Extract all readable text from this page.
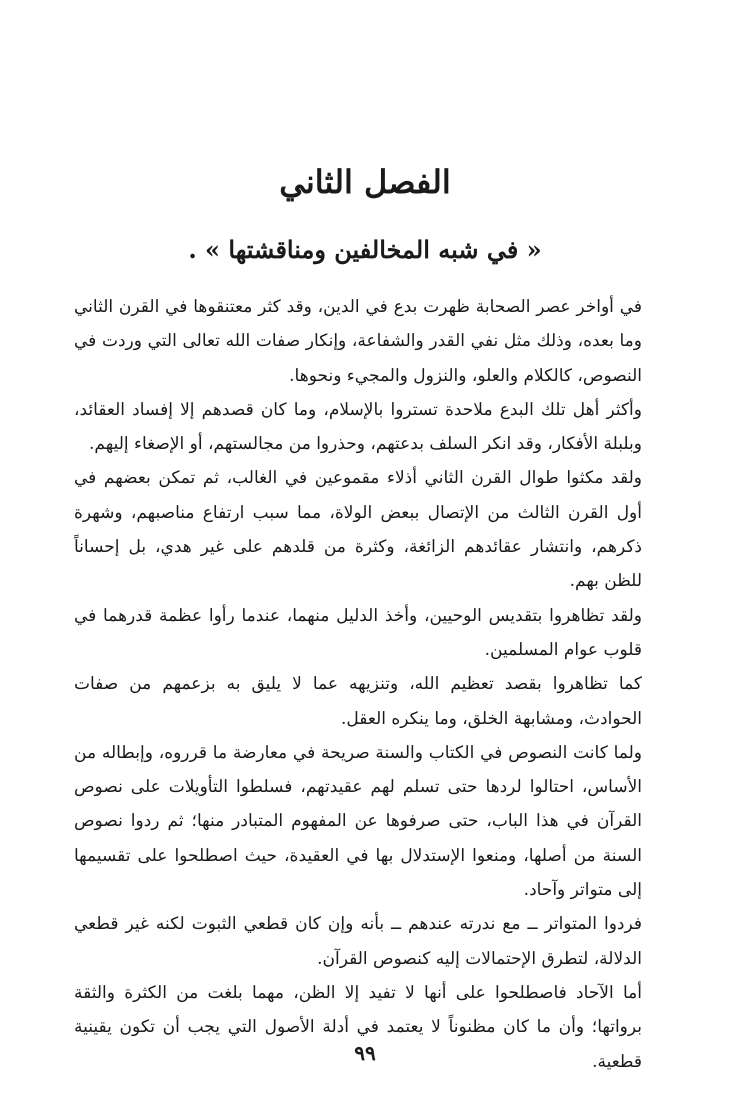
الفصل الثاني
« في شبه المخالفين ومناقشتها » .

في أواخر عصر الصحابة ظهرت بدع في الدين، وقد كثر معتنقوها في القرن الثاني وما بعده، وذلك مثل نفي القدر والشفاعة، وإنكار صفات الله تعالى التي وردت في النصوص، كالكلام والعلو، والنزول والمجيء ونحوها.

وأكثر أهل تلك البدع ملاحدة تستروا بالإسلام، وما كان قصدهم إلا إفساد العقائد، وبلبلة الأفكار، وقد انكر السلف بدعتهم، وحذروا من مجالستهم، أو الإصغاء إليهم.

ولقد مكثوا طوال القرن الثاني أذلاء مقموعين في الغالب، ثم تمكن بعضهم في أول القرن الثالث من الإتصال ببعض الولاة، مما سبب ارتفاع مناصبهم، وشهرة ذكرهم، وانتشار عقائدهم الزائغة، وكثرة من قلدهم على غير هدي، بل إحساناً للظن بهم.

ولقد تظاهروا بتقديس الوحيين، وأخذ الدليل منهما، عندما رأوا عظمة قدرهما في قلوب عوام المسلمين.

كما تظاهروا بقصد تعظيم الله، وتنزيهه عما لا يليق به بزعمهم من صفات الحوادث، ومشابهة الخلق، وما ينكره العقل.

ولما كانت النصوص في الكتاب والسنة صريحة في معارضة ما قرروه، وإبطاله من الأساس، احتالوا لردها حتى تسلم لهم عقيدتهم، فسلطوا التأويلات على نصوص القرآن في هذا الباب، حتى صرفوها عن المفهوم المتبادر منها؛ ثم ردوا نصوص السنة من أصلها، ومنعوا الإستدلال بها في العقيدة، حيث اصطلحوا على تقسيمها إلى متواتر وآحاد.

فردوا المتواتر ــ مع ندرته عندهم ــ بأنه وإن كان قطعي الثبوت لكنه غير قطعي الدلالة، لتطرق الإحتمالات إليه كنصوص القرآن.

أما الآحاد فاصطلحوا على أنها لا تفيد إلا الظن، مهما بلغت من الكثرة والثقة برواتها؛ وأن ما كان مظنوناً لا يعتمد في أدلة الأصول التي يجب أن تكون يقينية قطعية.

٩٩
